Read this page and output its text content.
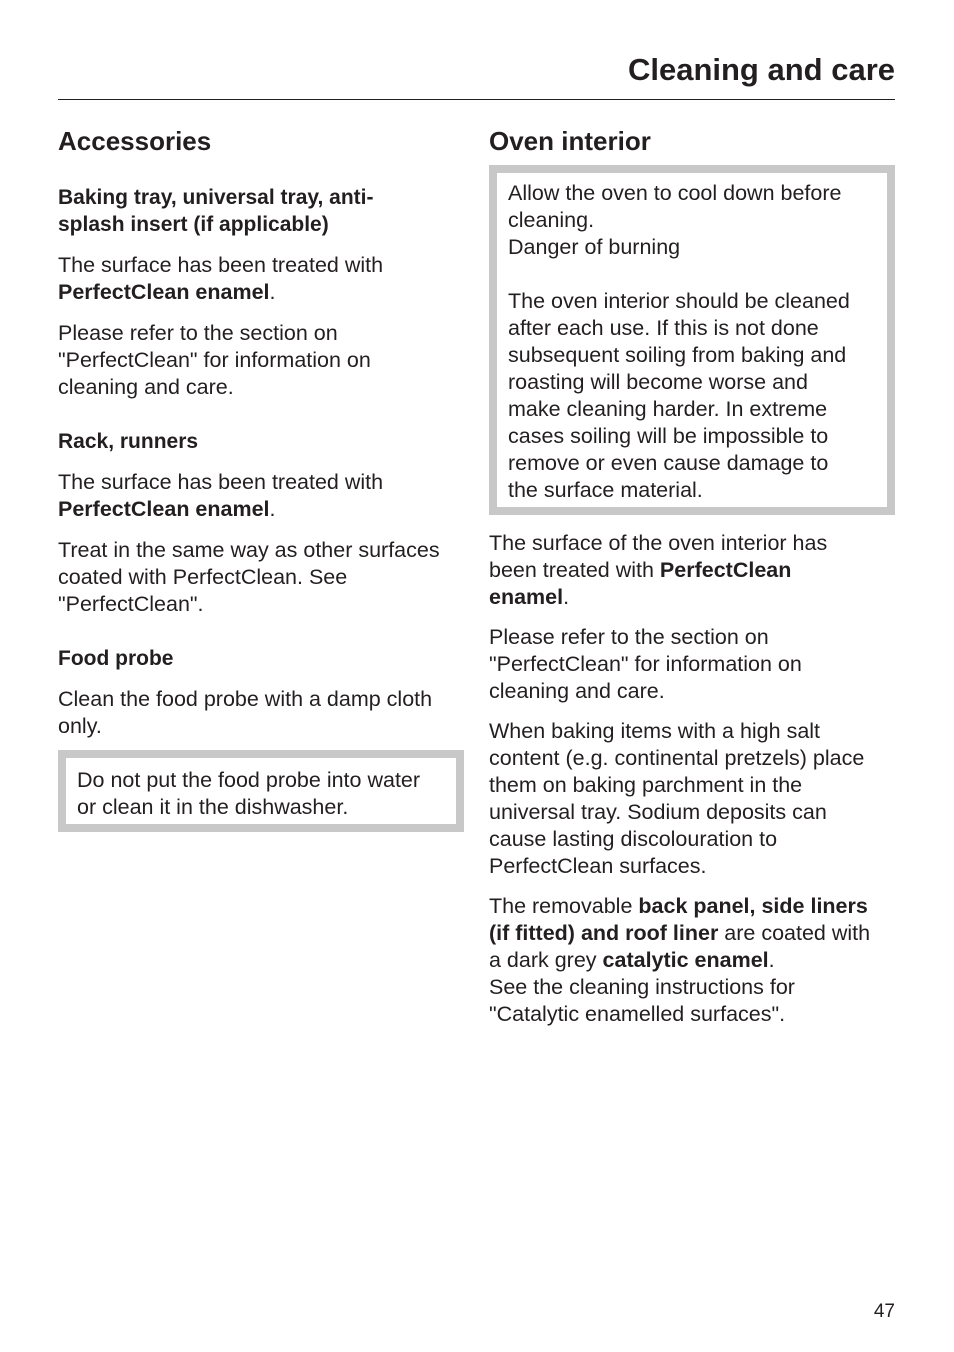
Cleaning and care
Accessories
Baking tray, universal tray, anti-
splash insert (if applicable)

The surface has been treated with
PerfectClean enamel.

Please refer to the section on
"PerfectClean" for information on
cleaning and care.

Rack, runners

The surface has been treated with
PerfectClean enamel.

Treat in the same way as other surfaces
coated with PerfectClean. See
"PerfectClean".

Food probe

Clean the food probe with a damp cloth
only.

Do not put the food probe into water
or clean it in the dishwasher.

Oven interior

Allow the oven to cool down before
cleaning.
Danger of burning

The oven interior should be cleaned
after each use. If this is not done
subsequent soiling from baking and
roasting will become worse and
make cleaning harder. In extreme
cases soiling will be impossible to
remove or even cause damage to
the surface material.

The surface of the oven interior has
been treated with PerfectClean
enamel.

Please refer to the section on
"PerfectClean" for information on
cleaning and care.

When baking items with a high salt
content (e.g. continental pretzels) place
them on baking parchment in the
universal tray. Sodium deposits can
cause lasting discolouration to
PerfectClean surfaces.

The removable back panel, side liners
(if fitted) and roof liner are coated with
a dark grey catalytic enamel.
See the cleaning instructions for
"Catalytic enamelled surfaces".

47
